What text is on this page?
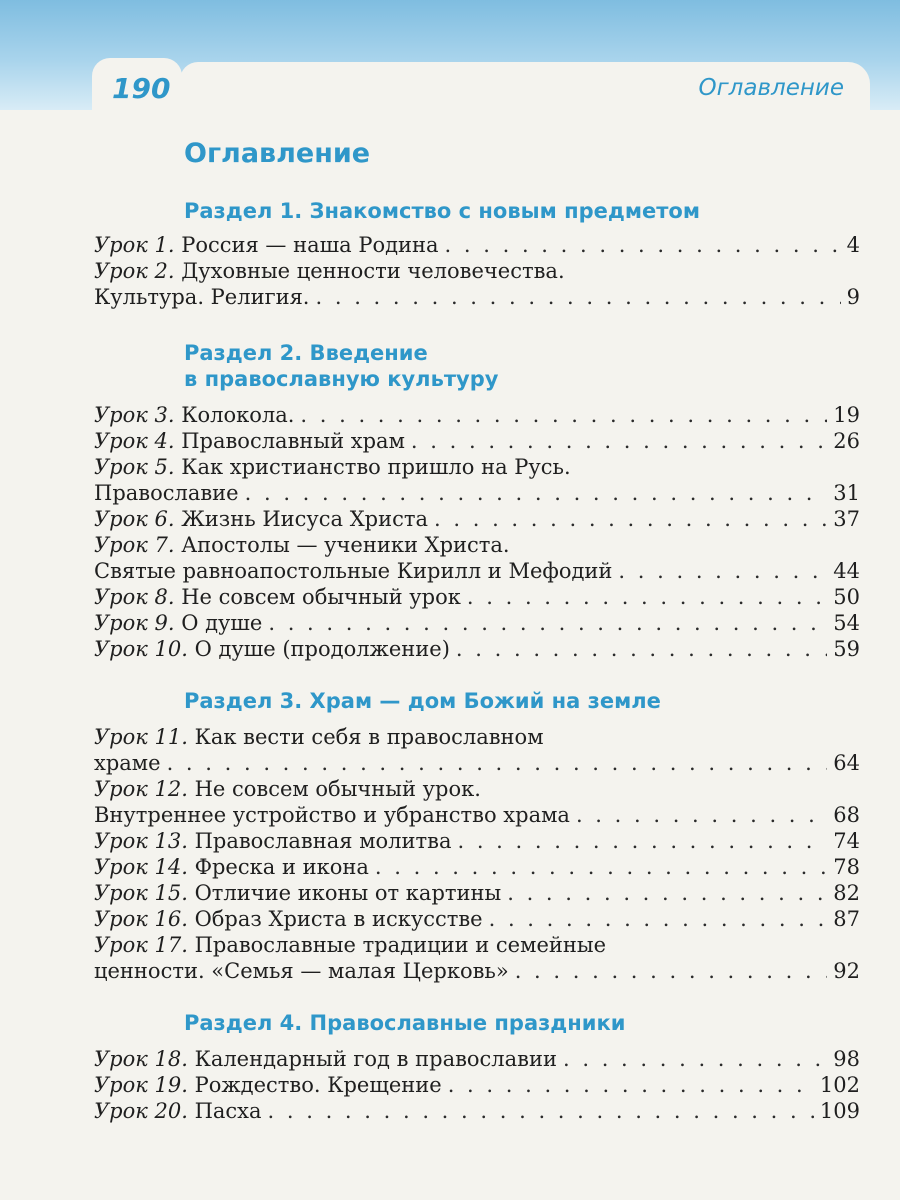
190	Оглавление
Оглавление
Раздел 1. Знакомство с новым предметом
Урок 1. Россия — наша Родина . . .	4
Урок 2. Духовные ценности человечества.
Культура. Религия. . . .	9
Раздел 2. Введение
в православную культуру
Урок 3. Колокола. . . .	19
Урок 4. Православный храм . . .	26
Урок 5. Как христианство пришло на Русь.
Православие . . .	31
Урок 6. Жизнь Иисуса Христа . . .	37
Урок 7. Апостолы — ученики Христа.
Святые равноапостольные Кирилл и Мефодий . . .	44
Урок 8. Не совсем обычный урок . . .	50
Урок 9. О душе . . .	54
Урок 10. О душе (продолжение) . . .	59
Раздел 3. Храм — дом Божий на земле
Урок 11. Как вести себя в православном
храме . . .	64
Урок 12. Не совсем обычный урок.
Внутреннее устройство и убранство храма . . .	68
Урок 13. Православная молитва . . .	74
Урок 14. Фреска и икона . . .	78
Урок 15. Отличие иконы от картины . . .	82
Урок 16. Образ Христа в искусстве . . .	87
Урок 17. Православные традиции и семейные
ценности. «Семья — малая Церковь» . . .	92
Раздел 4. Православные праздники
Урок 18. Календарный год в православии . . .	98
Урок 19. Рождество. Крещение . . .	102
Урок 20. Пасха . . .	109
